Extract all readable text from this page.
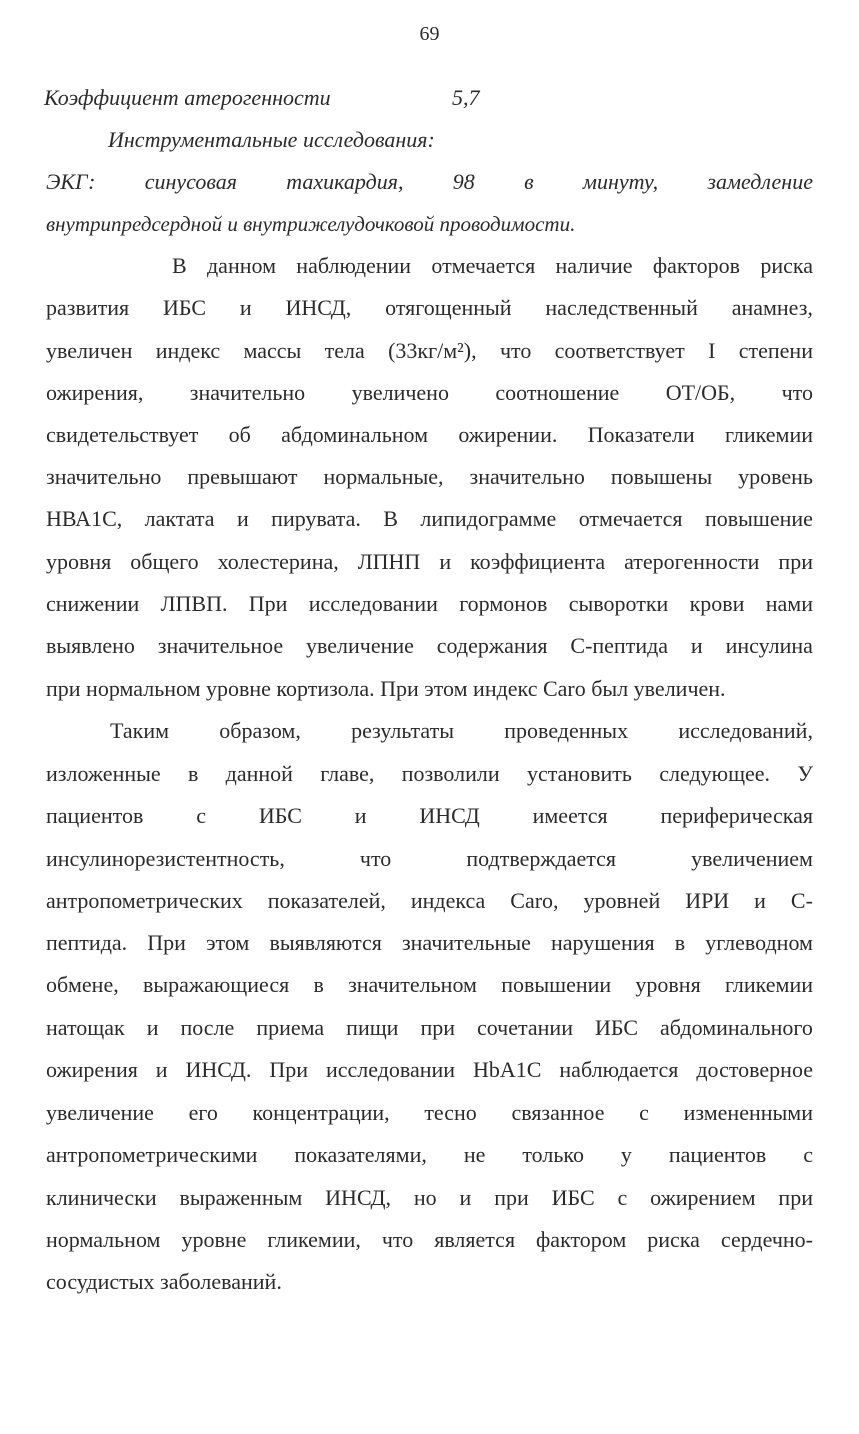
69
Коэффициент атерогенности	5,7
Инструментальные исследования:
ЭКГ: синусовая тахикардия, 98 в минуту, замедление
внутрипредсердной и внутрижелудочковой проводимости.
В данном наблюдении отмечается наличие факторов риска
развития ИБС и ИНСД, отягощенный наследственный анамнез,
увеличен индекс массы тела (33кг/м²), что соответствует I степени
ожирения, значительно увеличено соотношение ОТ/ОБ, что
свидетельствует об абдоминальном ожирении. Показатели гликемии
значительно превышают нормальные, значительно повышены уровень
НВА1С, лактата и пирувата. В липидограмме отмечается повышение
уровня общего холестерина, ЛПНП и коэффициента атерогенности при
снижении ЛПВП. При исследовании гормонов сыворотки крови нами
выявлено значительное увеличение содержания С-пептида и инсулина
при нормальном уровне кортизола. При этом индекс Caro был увеличен.
Таким образом, результаты проведенных исследований,
изложенные в данной главе, позволили установить следующее. У
пациентов с ИБС и ИНСД имеется периферическая
инсулинорезистентность,	что	подтверждается	увеличением
антропометрических показателей, индекса Caro, уровней ИРИ и С-
пептида. При этом выявляются значительные нарушения в углеводном
обмене, выражающиеся в значительном повышении уровня гликемии
натощак и после приема пищи при сочетании ИБС абдоминального
ожирения и ИНСД. При исследовании HbA1C наблюдается достоверное
увеличение его концентрации, тесно связанное с измененными
антропометрическими показателями, не только у пациентов с
клинически выраженным ИНСД, но и при ИБС с ожирением при
нормальном уровне гликемии, что является фактором риска сердечно-
сосудистых заболеваний.
